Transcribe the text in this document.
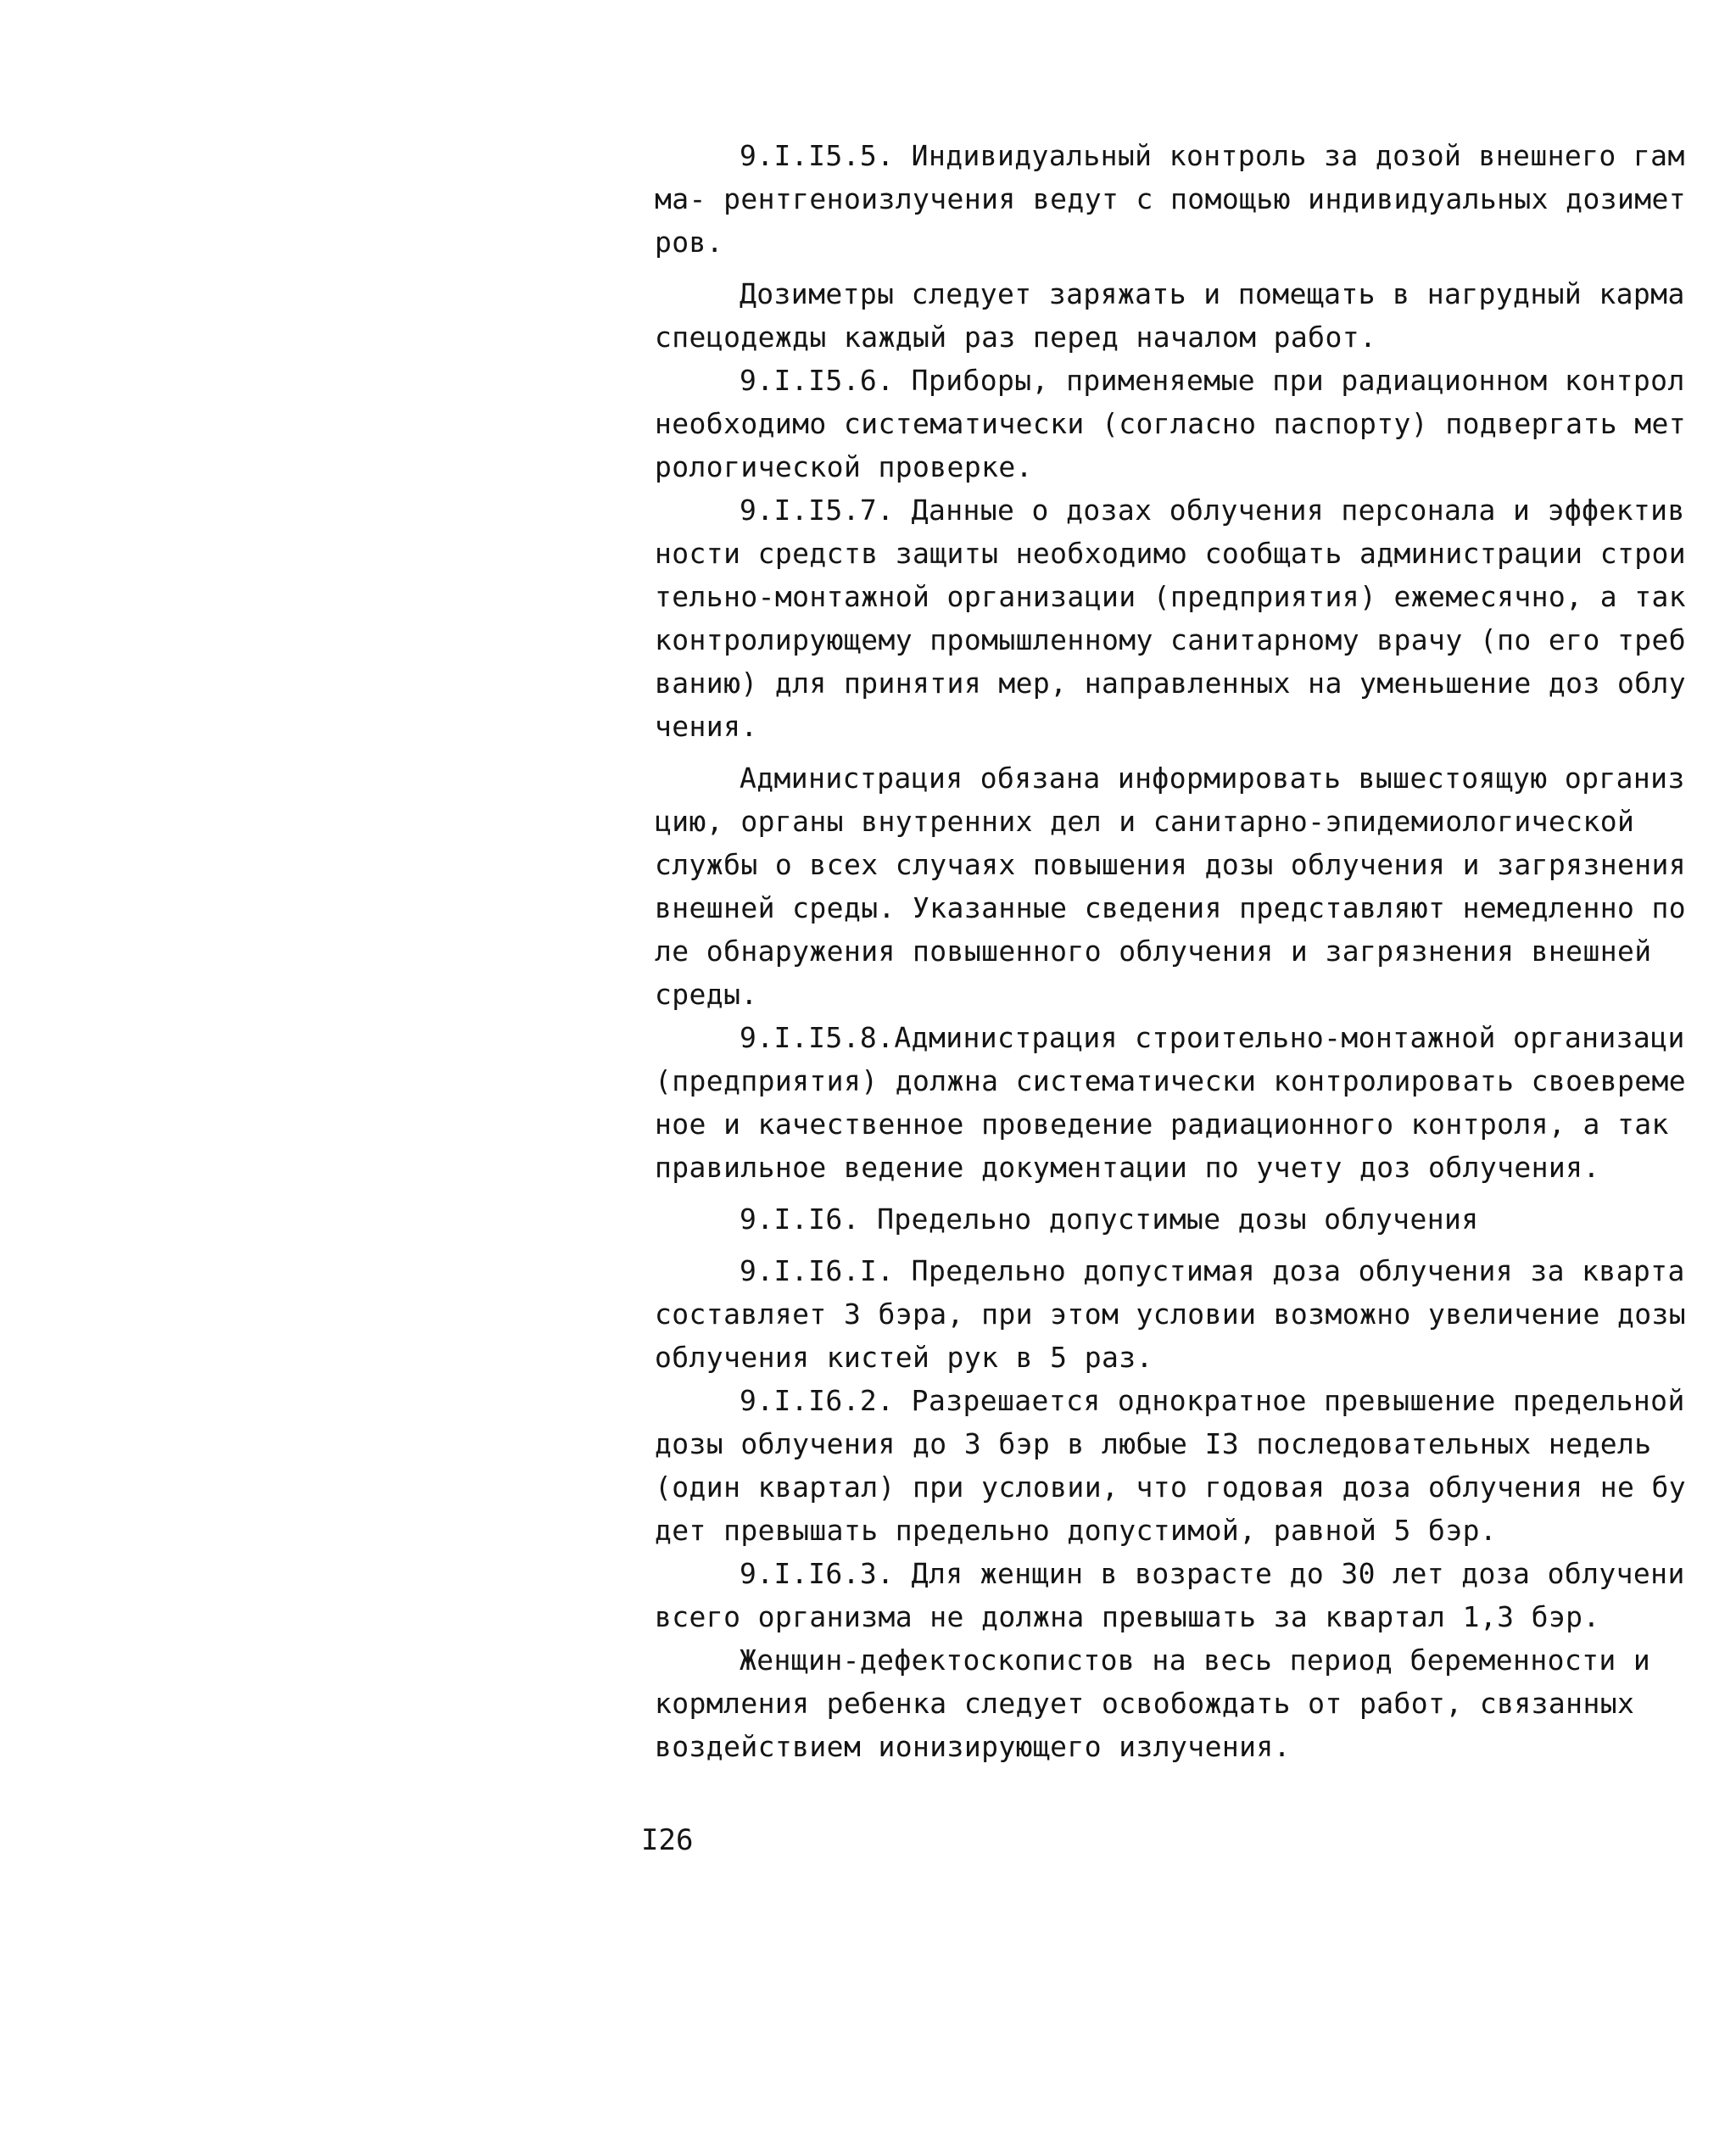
9.I.I5.5. Индивидуальный контроль за дозой внешнего гам
ма- рентгеноизлучения ведут с помощью индивидуальных дозимет
ров.
Дозиметры следует заряжать и помещать в нагрудный карма
спецодежды каждый раз перед началом работ.
9.I.I5.6. Приборы, применяемые при радиационном контрол
необходимо систематически (согласно паспорту) подвергать мет
рологической проверке.
9.I.I5.7. Данные о дозах облучения персонала и эффектив
ности средств защиты необходимо сообщать администрации строи
тельно-монтажной организации (предприятия) ежемесячно, а так
контролирующему промышленному санитарному врачу (по его треб
ванию) для принятия мер, направленных на уменьшение доз облу
чения.
Администрация обязана информировать вышестоящую организ
цию, органы внутренних дел и санитарно-эпидемиологической
службы о всех случаях повышения дозы облучения и загрязнения
внешней среды. Указанные сведения представляют немедленно по
ле обнаружения повышенного облучения и загрязнения внешней
среды.
9.I.I5.8.Администрация строительно-монтажной организаци
(предприятия) должна систематически контролировать своевреме
ное и качественное проведение радиационного контроля, а так
правильное ведение документации по учету доз облучения.
9.I.I6. Предельно допустимые дозы облучения
9.I.I6.I. Предельно допустимая доза облучения за кварта
составляет 3 бэра, при этом условии возможно увеличение дозы
облучения кистей рук в 5 раз.
9.I.I6.2. Разрешается однократное превышение предельной
дозы облучения до 3 бэр в любые I3 последовательных недель
(один квартал) при условии, что годовая доза облучения не бу
дет превышать предельно допустимой, равной 5 бэр.
9.I.I6.3. Для женщин в возрасте до 30 лет доза облучени
всего организма не должна превышать за квартал 1,3 бэр.
Женщин-дефектоскопистов на весь период беременности и
кормления ребенка следует освобождать от работ, связанных
воздействием ионизирующего излучения.
I26
